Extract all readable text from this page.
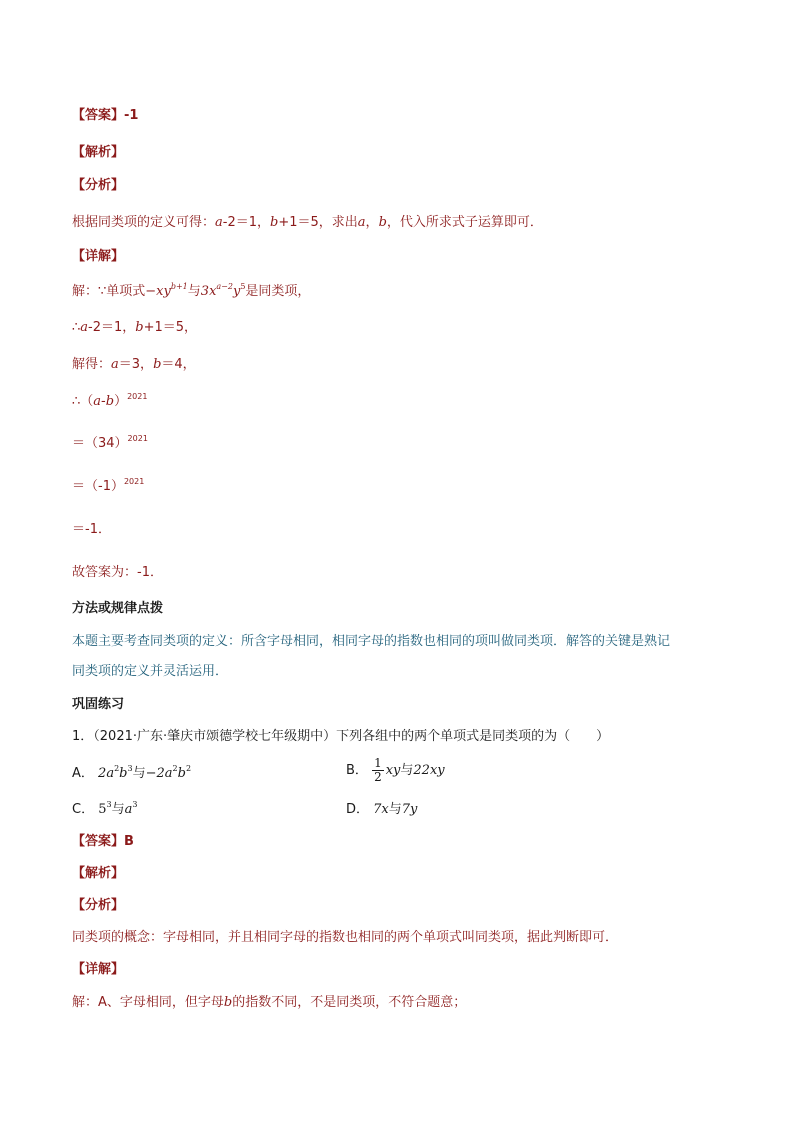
【答案】-1
【解析】
【分析】
根据同类项的定义可得：a-2＝1，b+1＝5，求出a，b，代入所求式子运算即可．
【详解】
解：∵单项式$-xy^{b+1}$与$3x^{a-2}y^5$是同类项，
∴a-2＝1，b+1＝5，
解得：a＝3，b＝4，
$\therefore(a-b)^{2021}$
$=(34)^{2021}$
$=(-1)^{2021}$
＝-1．
故答案为：-1．
方法或规律点拨
本题主要考查同类项的定义：所含字母相同，相同字母的指数也相同的项叫做同类项．解答的关键是熟记
同类项的定义并灵活运用．
巩固练习
1．（2021·广东·肇庆市颂德学校七年级期中）下列各组中的两个单项式是同类项的为（　　）
A． $2a^2b^3$与$-2a^2b^2$	B． $\frac{1}{2}$ xy与22xy
C． $5^3$与$a^3$	D． 7x与7y
【答案】B
【解析】
【分析】
同类项的概念：字母相同，并且相同字母的指数也相同的两个单项式叫同类项，据此判断即可．
【详解】
解：A、字母相同，但字母b的指数不同，不是同类项，不符合题意；
